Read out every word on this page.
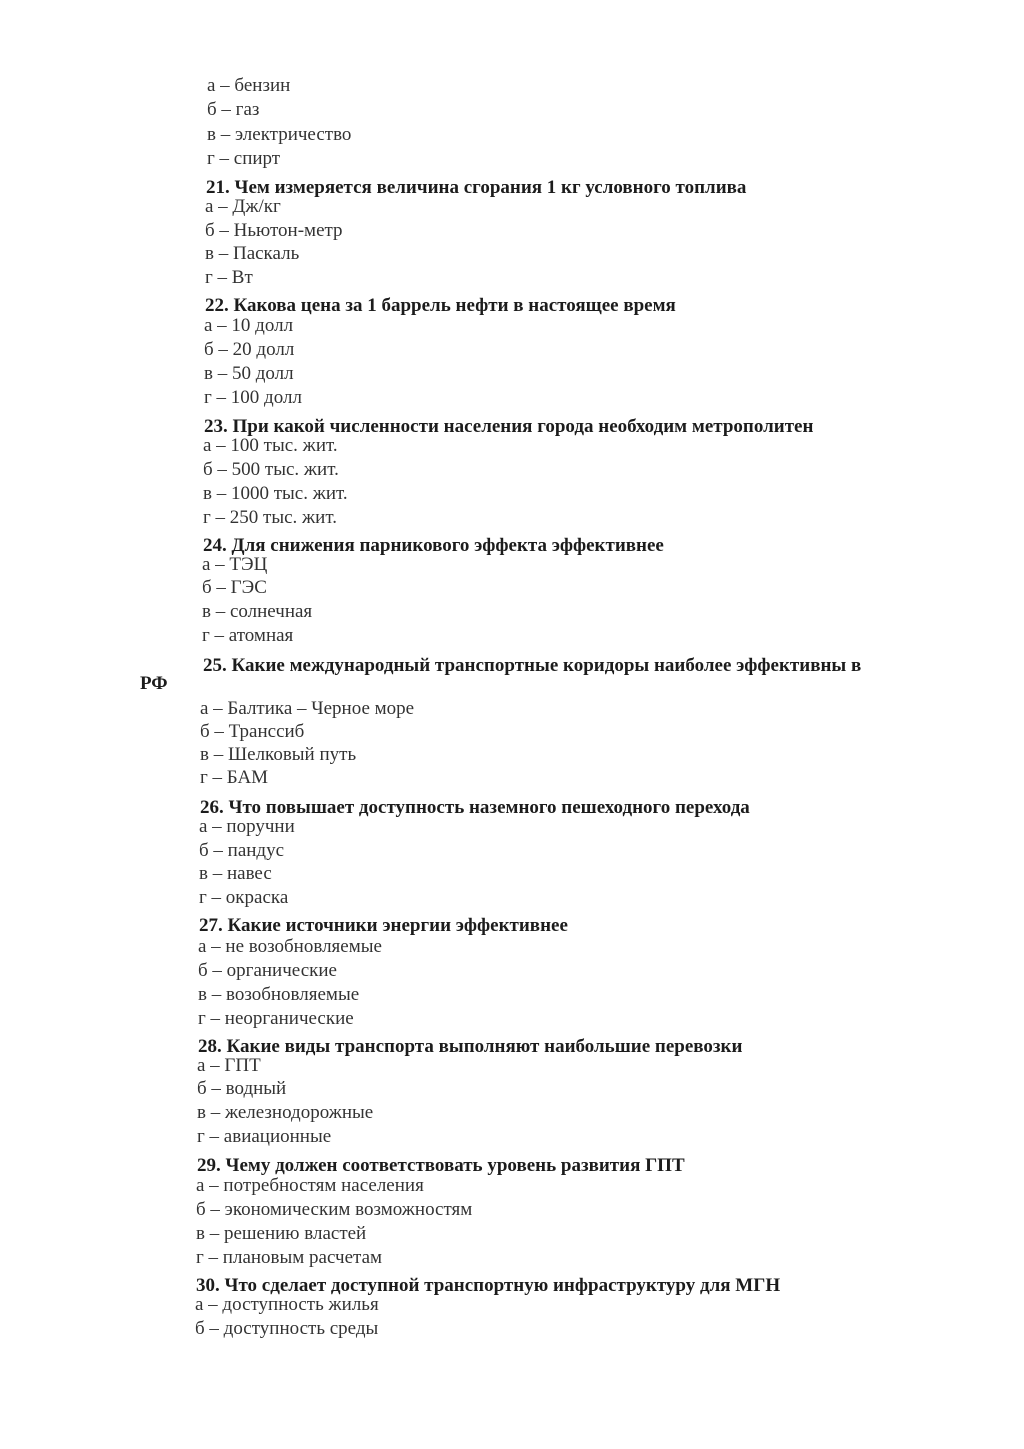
а – бензин
б – газ
в – электричество
г – спирт
21. Чем измеряется величина сгорания 1 кг условного топлива
а – Дж/кг
б – Ньютон-метр
в – Паскаль
г – Вт
22. Какова цена за 1 баррель нефти в настоящее время
а – 10 долл
б – 20 долл
в – 50 долл
г – 100 долл
23. При какой численности населения города необходим метрополитен
а – 100 тыс. жит.
б – 500 тыс. жит.
в – 1000 тыс. жит.
г – 250 тыс. жит.
24. Для снижения парникового эффекта эффективнее
а – ТЭЦ
б – ГЭС
в – солнечная
г – атомная
25. Какие международный транспортные коридоры наиболее эффективны в
РФ
а – Балтика – Черное море
б – Транссиб
в – Шелковый путь
г – БАМ
26. Что повышает доступность наземного пешеходного перехода
а – поручни
б – пандус
в – навес
г – окраска
27. Какие источники энергии эффективнее
а – не возобновляемые
б – органические
в – возобновляемые
г – неорганические
28. Какие виды транспорта выполняют наибольшие перевозки
а – ГПТ
б – водный
в – железнодорожные
г – авиационные
29. Чему должен соответствовать уровень развития ГПТ
а – потребностям населения
б – экономическим возможностям
в – решению властей
г – плановым расчетам
30. Что сделает доступной транспортную инфраструктуру для МГН
а – доступность жилья
б – доступность среды
